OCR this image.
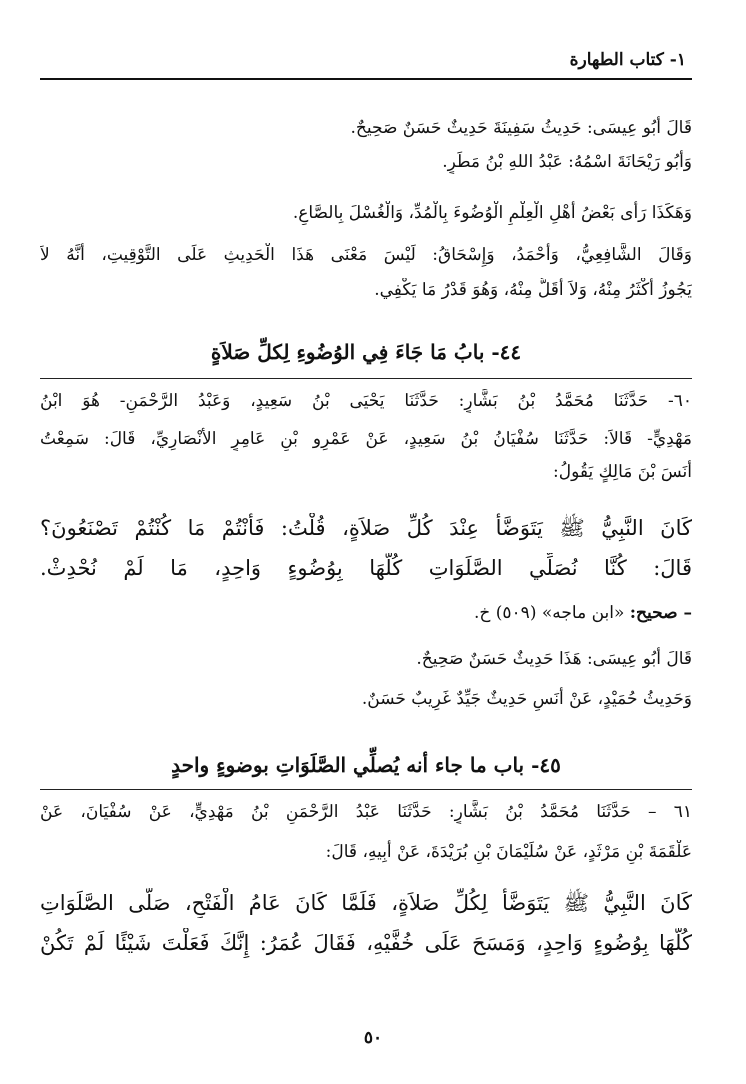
١- كتاب الطهارة
قَالَ أَبُو عِيسَى: حَدِيثُ سَفِينَةَ حَدِيثٌ حَسَنٌ صَحِيحٌ.
وَأَبُو رَيْحَانَةَ اسْمُهُ: عَبْدُ اللهِ بْنُ مَطَرٍ.
وَهَكَذَا رَأَى بَعْضُ أَهْلِ الْعِلْمِ الْوُضُوءَ بِالْمُدِّ، وَالْغُسْلَ بِالصَّاعِ.
وَقَالَ الشَّافِعِيُّ، وَأَحْمَدُ، وَإِسْحَاقُ: لَيْسَ مَعْنَى هَذَا الْحَدِيثِ عَلَى التَّوْقِيتِ، أَنَّهُ لاَ
يَجُوزُ أَكْثَرُ مِنْهُ، وَلاَ أَقَلُّ مِنْهُ، وَهُوَ قَدْرُ مَا يَكْفِي.
٤٤- بابُ مَا جَاءَ فِي الوُضُوءِ لِكلِّ صَلاَةٍ
٦٠- حَدَّثَنَا مُحَمَّدُ بْنُ بَشَّارٍ: حَدَّثَنَا يَحْيَى بْنُ سَعِيدٍ، وَعَبْدُ الرَّحْمَنِ- هُوَ ابْنُ
مَهْدِيٍّ- قَالاَ: حَدَّثَنَا سُفْيَانُ بْنُ سَعِيدٍ، عَنْ عَمْرِو بْنِ عَامِرٍ الأَنْصَارِيِّ، قَالَ: سَمِعْتُ
أَنَسَ بْنَ مَالِكٍ يَقُولُ:
كَانَ النَّبِيُّ ﷺ يَتَوَضَّأُ عِنْدَ كُلِّ صَلاَةٍ، قُلْتُ: فَأَنْتُمْ مَا كُنْتُمْ تَصْنَعُونَ؟
قَالَ: كُنَّا نُصَلِّي الصَّلَوَاتِ كُلَّهَا بِوُضُوءٍ وَاحِدٍ، مَا لَمْ نُحْدِثْ.
– صحيح: «ابن ماجه» (٥٠٩) خ.
قَالَ أَبُو عِيسَى: هَذَا حَدِيثٌ حَسَنٌ صَحِيحٌ.
وَحَدِيثُ حُمَيْدٍ، عَنْ أَنَسٍ حَدِيثٌ جَيِّدٌ غَرِيبٌ حَسَنٌ.
٤٥- باب ما جاء أنه يُصلِّي الصَّلَوَاتِ بوضوءٍ واحدٍ
٦١ – حَدَّثَنَا مُحَمَّدُ بْنُ بَشَّارٍ: حَدَّثَنَا عَبْدُ الرَّحْمَنِ بْنُ مَهْدِيٍّ، عَنْ سُفْيَانَ، عَنْ
عَلْقَمَةَ بْنِ مَرْثَدٍ، عَنْ سُلَيْمَانَ بْنِ بُرَيْدَةَ، عَنْ أَبِيهِ، قَالَ:
كَانَ النَّبِيُّ ﷺ يَتَوَضَّأُ لِكُلِّ صَلاَةٍ، فَلَمَّا كَانَ عَامُ الْفَتْحِ، صَلَّى الصَّلَوَاتِ
كُلَّهَا بِوُضُوءٍ وَاحِدٍ، وَمَسَحَ عَلَى خُفَّيْهِ، فَقَالَ عُمَرُ: إِنَّكَ فَعَلْتَ شَيْئًا لَمْ تَكُنْ
٥٠
